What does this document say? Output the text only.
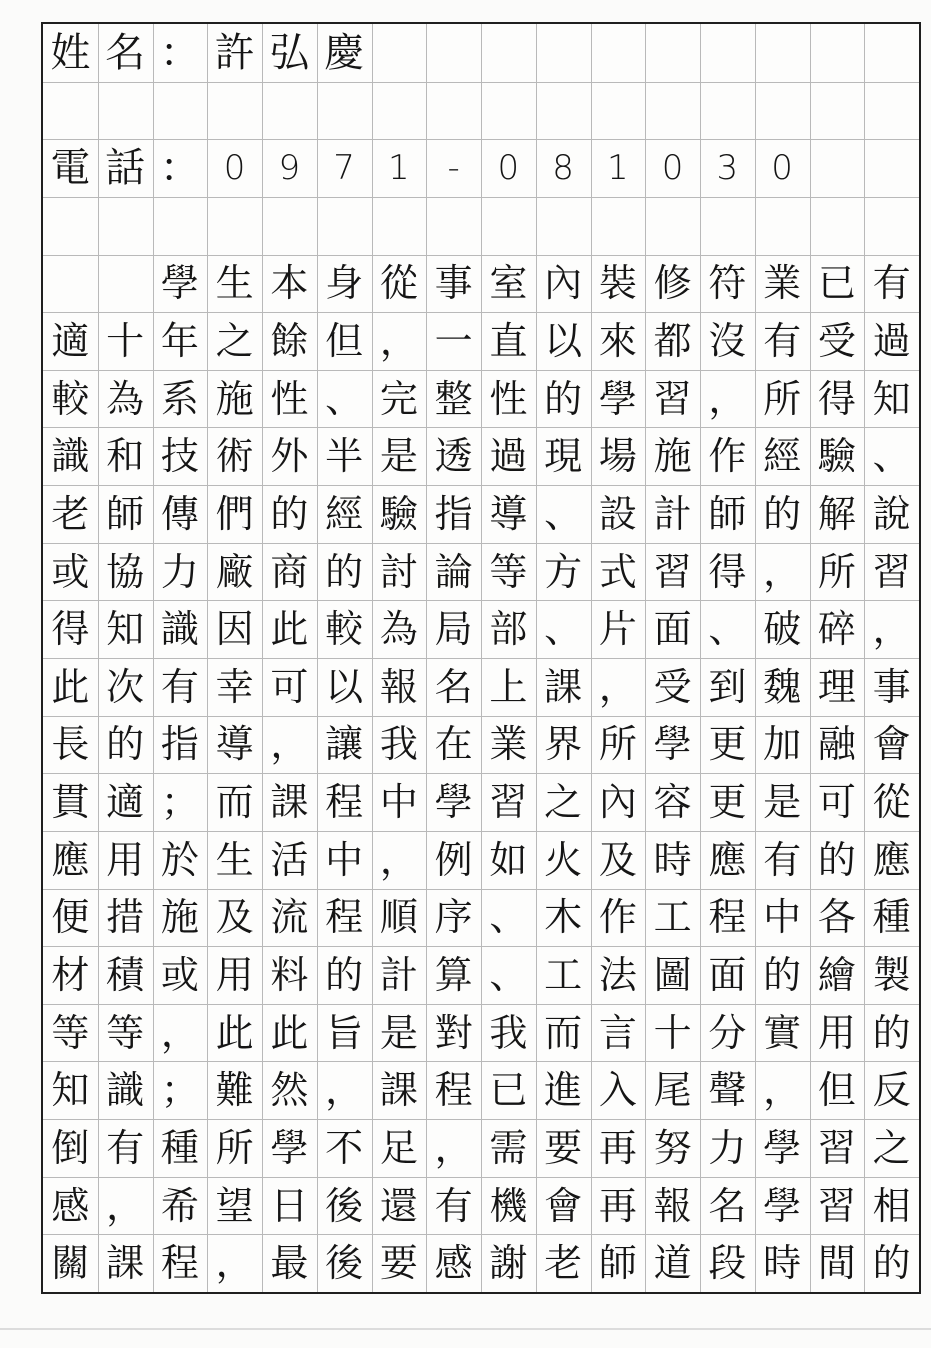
姓 名 ： 許 弘 慶
電 話 ： 0 9 7 1	-	0 8 1 0 3 0
有
過
知
、
說
習
，
事
會
從
應
種
製
的
反
之
相
的
已
受
得
驗
解
所
碎
理
融
可
的
各
繪
用
但
習
習
間
業
有
所
經
的
，
破
魏
加
是
有
中
的
實
，
學
學
時
符
沒
，
作
師
得
、
到
更
更
應
程
面
分
聲
力
名
段
修
都
習
施
計
習
面
受
學
容
時
工
圖
十
尾
努
報
道
裝
來
學
場
設
式
片
，
所
內
及
作
法
言
入
再
再
師
內
以
的
現
、
方
、
課
界
之
火
木
工
而
進
要
會
老
室
直
性
過
導
等
部
上
業
習
如
、
、
我
已
需
機
謝
事
一
整
透
指
論
局
名
在
學
例
序
算
對
程
，
有
感
從
，
完
是
驗
討
為
報
我
中
，
順
計
是
課
足
還
要
身
但
、
半
經
的
較
以
讓
程
中
程
的
旨
，
不
後
後
本
餘
性
外
的
商
此
可
，
課
活
流
料
此
然
學
日
最
生
之
施
術
們
廠
因
幸
導
而
生
及
用
此
難
所
望
，
學
年
系
技
傳
力
識
有
指
；
於
施
或
，
；
種
希
程
十
為
和
師
協
知
次
的
適
用
措
積
等
識
有
，
課
適
較
識
老
或
得
此
長
貫
應
便
材
等
知
倒
感
關
